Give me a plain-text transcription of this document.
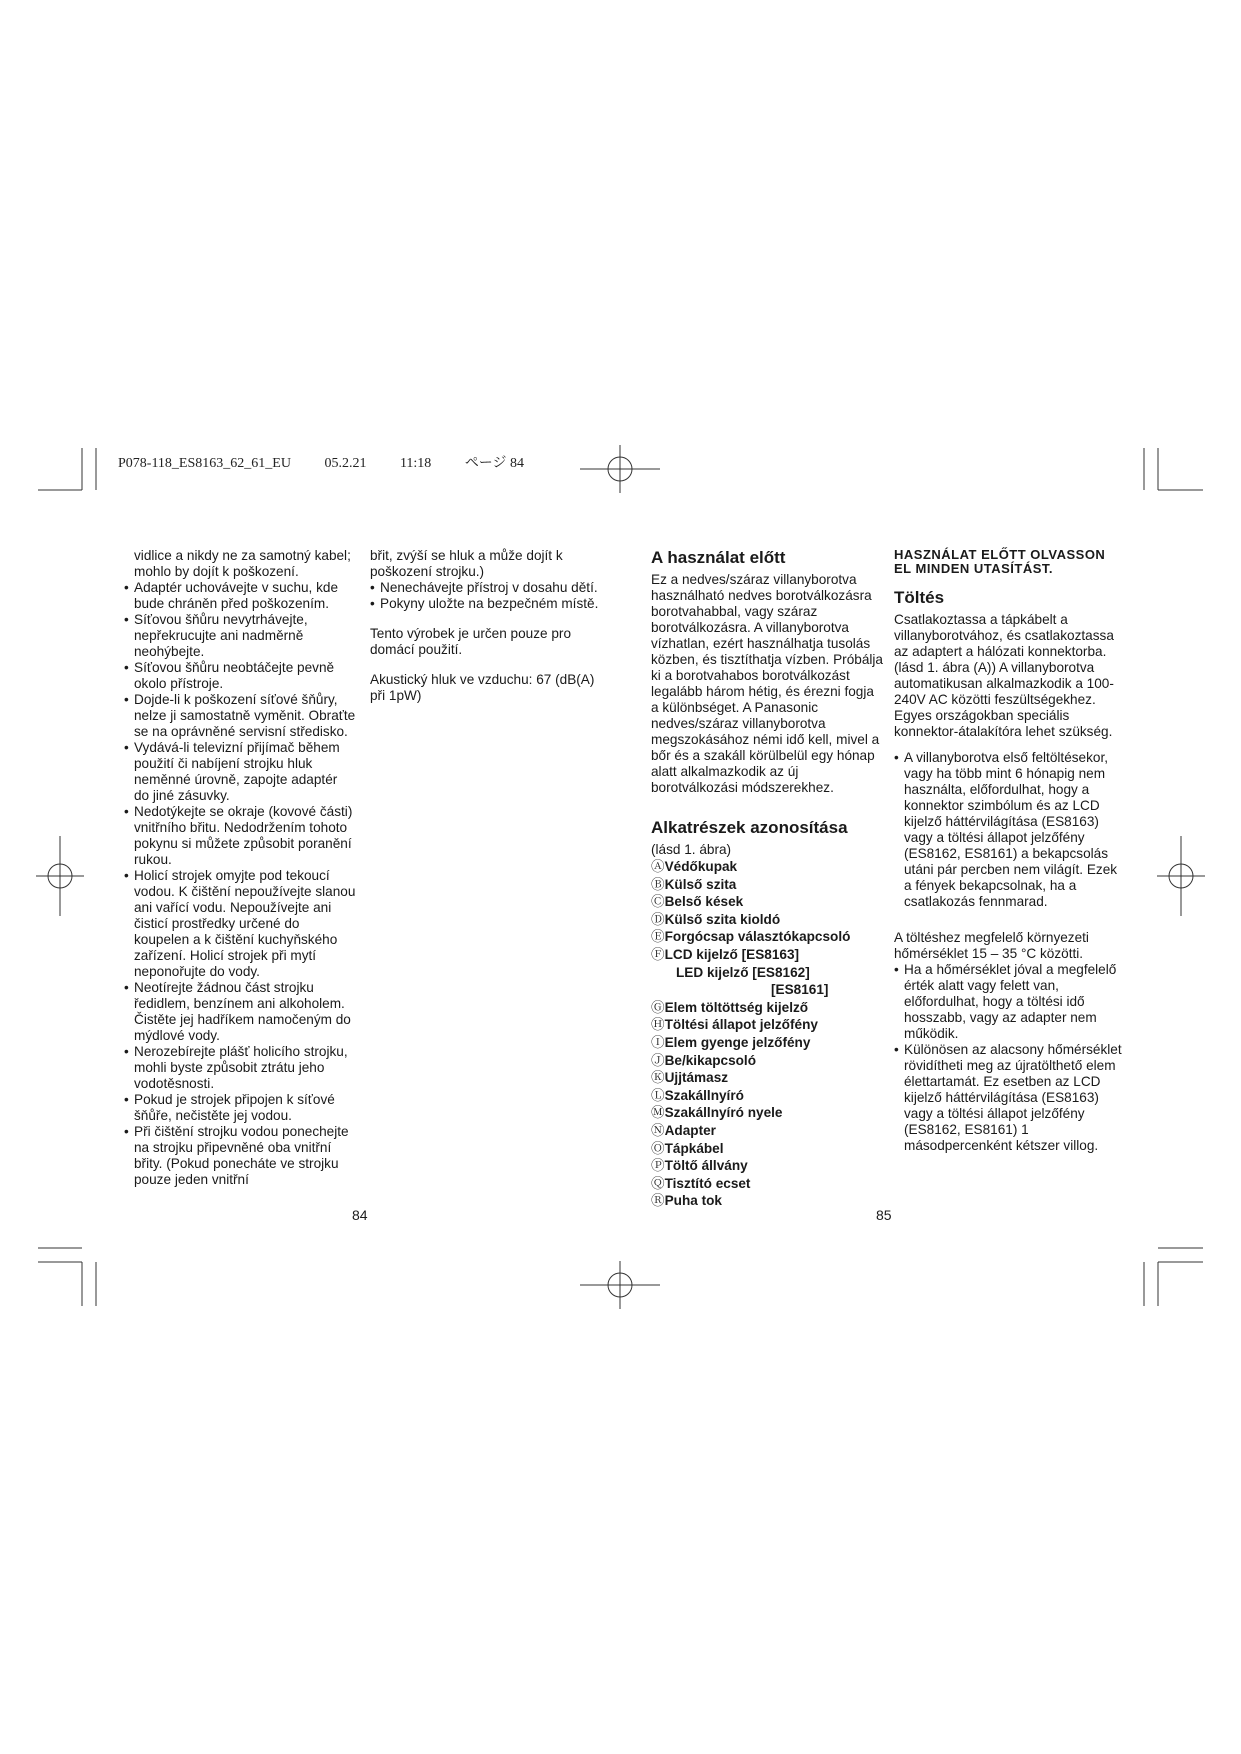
P078-118_ES8163_62_61_EU 05.2.21 11:18 ページ 84

vidlice a nikdy ne za samotný kabel; mohlo by dojít k poškození.

• Adaptér uchovávejte v suchu, kde bude chráněn před poškozením.
• Síťovou šňůru nevytrhávejte, nepřekrucujte ani nadměrně neohýbejte.
• Síťovou šňůru neobtáčejte pevně okolo přístroje.
• Dojde-li k poškození síťové šňůry, nelze ji samostatně vyměnit. Obraťte se na oprávněné servisní středisko.
• Vydává-li televizní přijímač během použití či nabíjení strojku hluk neměnné úrovně, zapojte adaptér do jiné zásuvky.
• Nedotýkejte se okraje (kovové části) vnitřního břitu. Nedodržením tohoto pokynu si můžete způsobit poranění rukou.
• Holicí strojek omyjte pod tekoucí vodou. K čištění nepoužívejte slanou ani vařící vodu. Nepoužívejte ani čisticí prostředky určené do koupelen a k čištění kuchyňského zařízení. Holicí strojek při mytí neponořujte do vody.
• Neotírejte žádnou část strojku ředidlem, benzínem ani alkoholem. Čistěte jej hadříkem namočeným do mýdlové vody.
• Nerozebírejte plášť holicího strojku, mohli byste způsobit ztrátu jeho vodotěsnosti.
• Pokud je strojek připojen k síťové šňůře, nečistěte jej vodou.
• Při čištění strojku vodou ponechejte na strojku připevněné oba vnitřní břity. (Pokud ponecháte ve strojku pouze jeden vnitřní

břit, zvýší se hluk a může dojít k poškození strojku.)

• Nenechávejte přístroj v dosahu dětí.
• Pokyny uložte na bezpečném místě.

Tento výrobek je určen pouze pro domácí použití.

Akustický hluk ve vzduchu: 67 (dB(A) při 1pW)

A használat előtt

Ez a nedves/száraz villanyborotva használható nedves borotválkozásra borotvahabbal, vagy száraz borotválkozásra. A villanyborotva vízhatlan, ezért használhatja tusolás közben, és tisztíthatja vízben. Próbálja ki a borotvahabos borotválkozást legalább három hétig, és érezni fogja a különbséget. A Panasonic nedves/száraz villanyborotva megszokásához némi idő kell, mivel a bőr és a szakáll körülbelül egy hónap alatt alkalmazkodik az új borotválkozási módszerekhez.

Alkatrészek azonosítása

(lásd 1. ábra)

ⒶVédőkupak
ⒷKülső szita
ⒸBelső kések
ⒹKülső szita kioldó
ⒺForgócsap választókapcsoló
ⒻLCD kijelző [ES8163]
LED kijelző [ES8162]
[ES8161]
ⒼElem töltöttség kijelző
ⒽTöltési állapot jelzőfény
ⒾElem gyenge jelzőfény
ⒿBe/kikapcsoló
ⓀUjjtámasz
ⓁSzakállnyíró
ⓂSzakállnyíró nyele
ⓃAdapter
ⓄTápkábel
ⓅTöltő állvány
ⓆTisztító ecset
ⓇPuha tok
HASZNÁLAT ELŐTT OLVASSON EL MINDEN UTASÍTÁST.
Töltés

Csatlakoztassa a tápkábelt a villanyborotvához, és csatlakoztassa az adaptert a hálózati konnektorba. (lásd 1. ábra (A)) A villanyborotva automatikusan alkalmazkodik a 100-240V AC közötti feszültségekhez. Egyes országokban speciális konnektor-átalakítóra lehet szükség.

• A villanyborotva első feltöltésekor, vagy ha több mint 6 hónapig nem használta, előfordulhat, hogy a konnektor szimbólum és az LCD kijelző háttérvilágítása (ES8163) vagy a töltési állapot jelzőfény (ES8162, ES8161) a bekapcsolás utáni pár percben nem világít. Ezek a fények bekapcsolnak, ha a csatlakozás fennmarad.

A töltéshez megfelelő környezeti hőmérséklet 15 – 35 °C közötti.

• Ha a hőmérséklet jóval a megfelelő érték alatt vagy felett van, előfordulhat, hogy a töltési idő hosszabb, vagy az adapter nem működik.
• Különösen az alacsony hőmérséklet rövidítheti meg az újratölthető elem élettartamát. Ez esetben az LCD kijelző háttérvilágítása (ES8163) vagy a töltési állapot jelzőfény (ES8162, ES8161) 1 másodpercenként kétszer villog.
84	85
